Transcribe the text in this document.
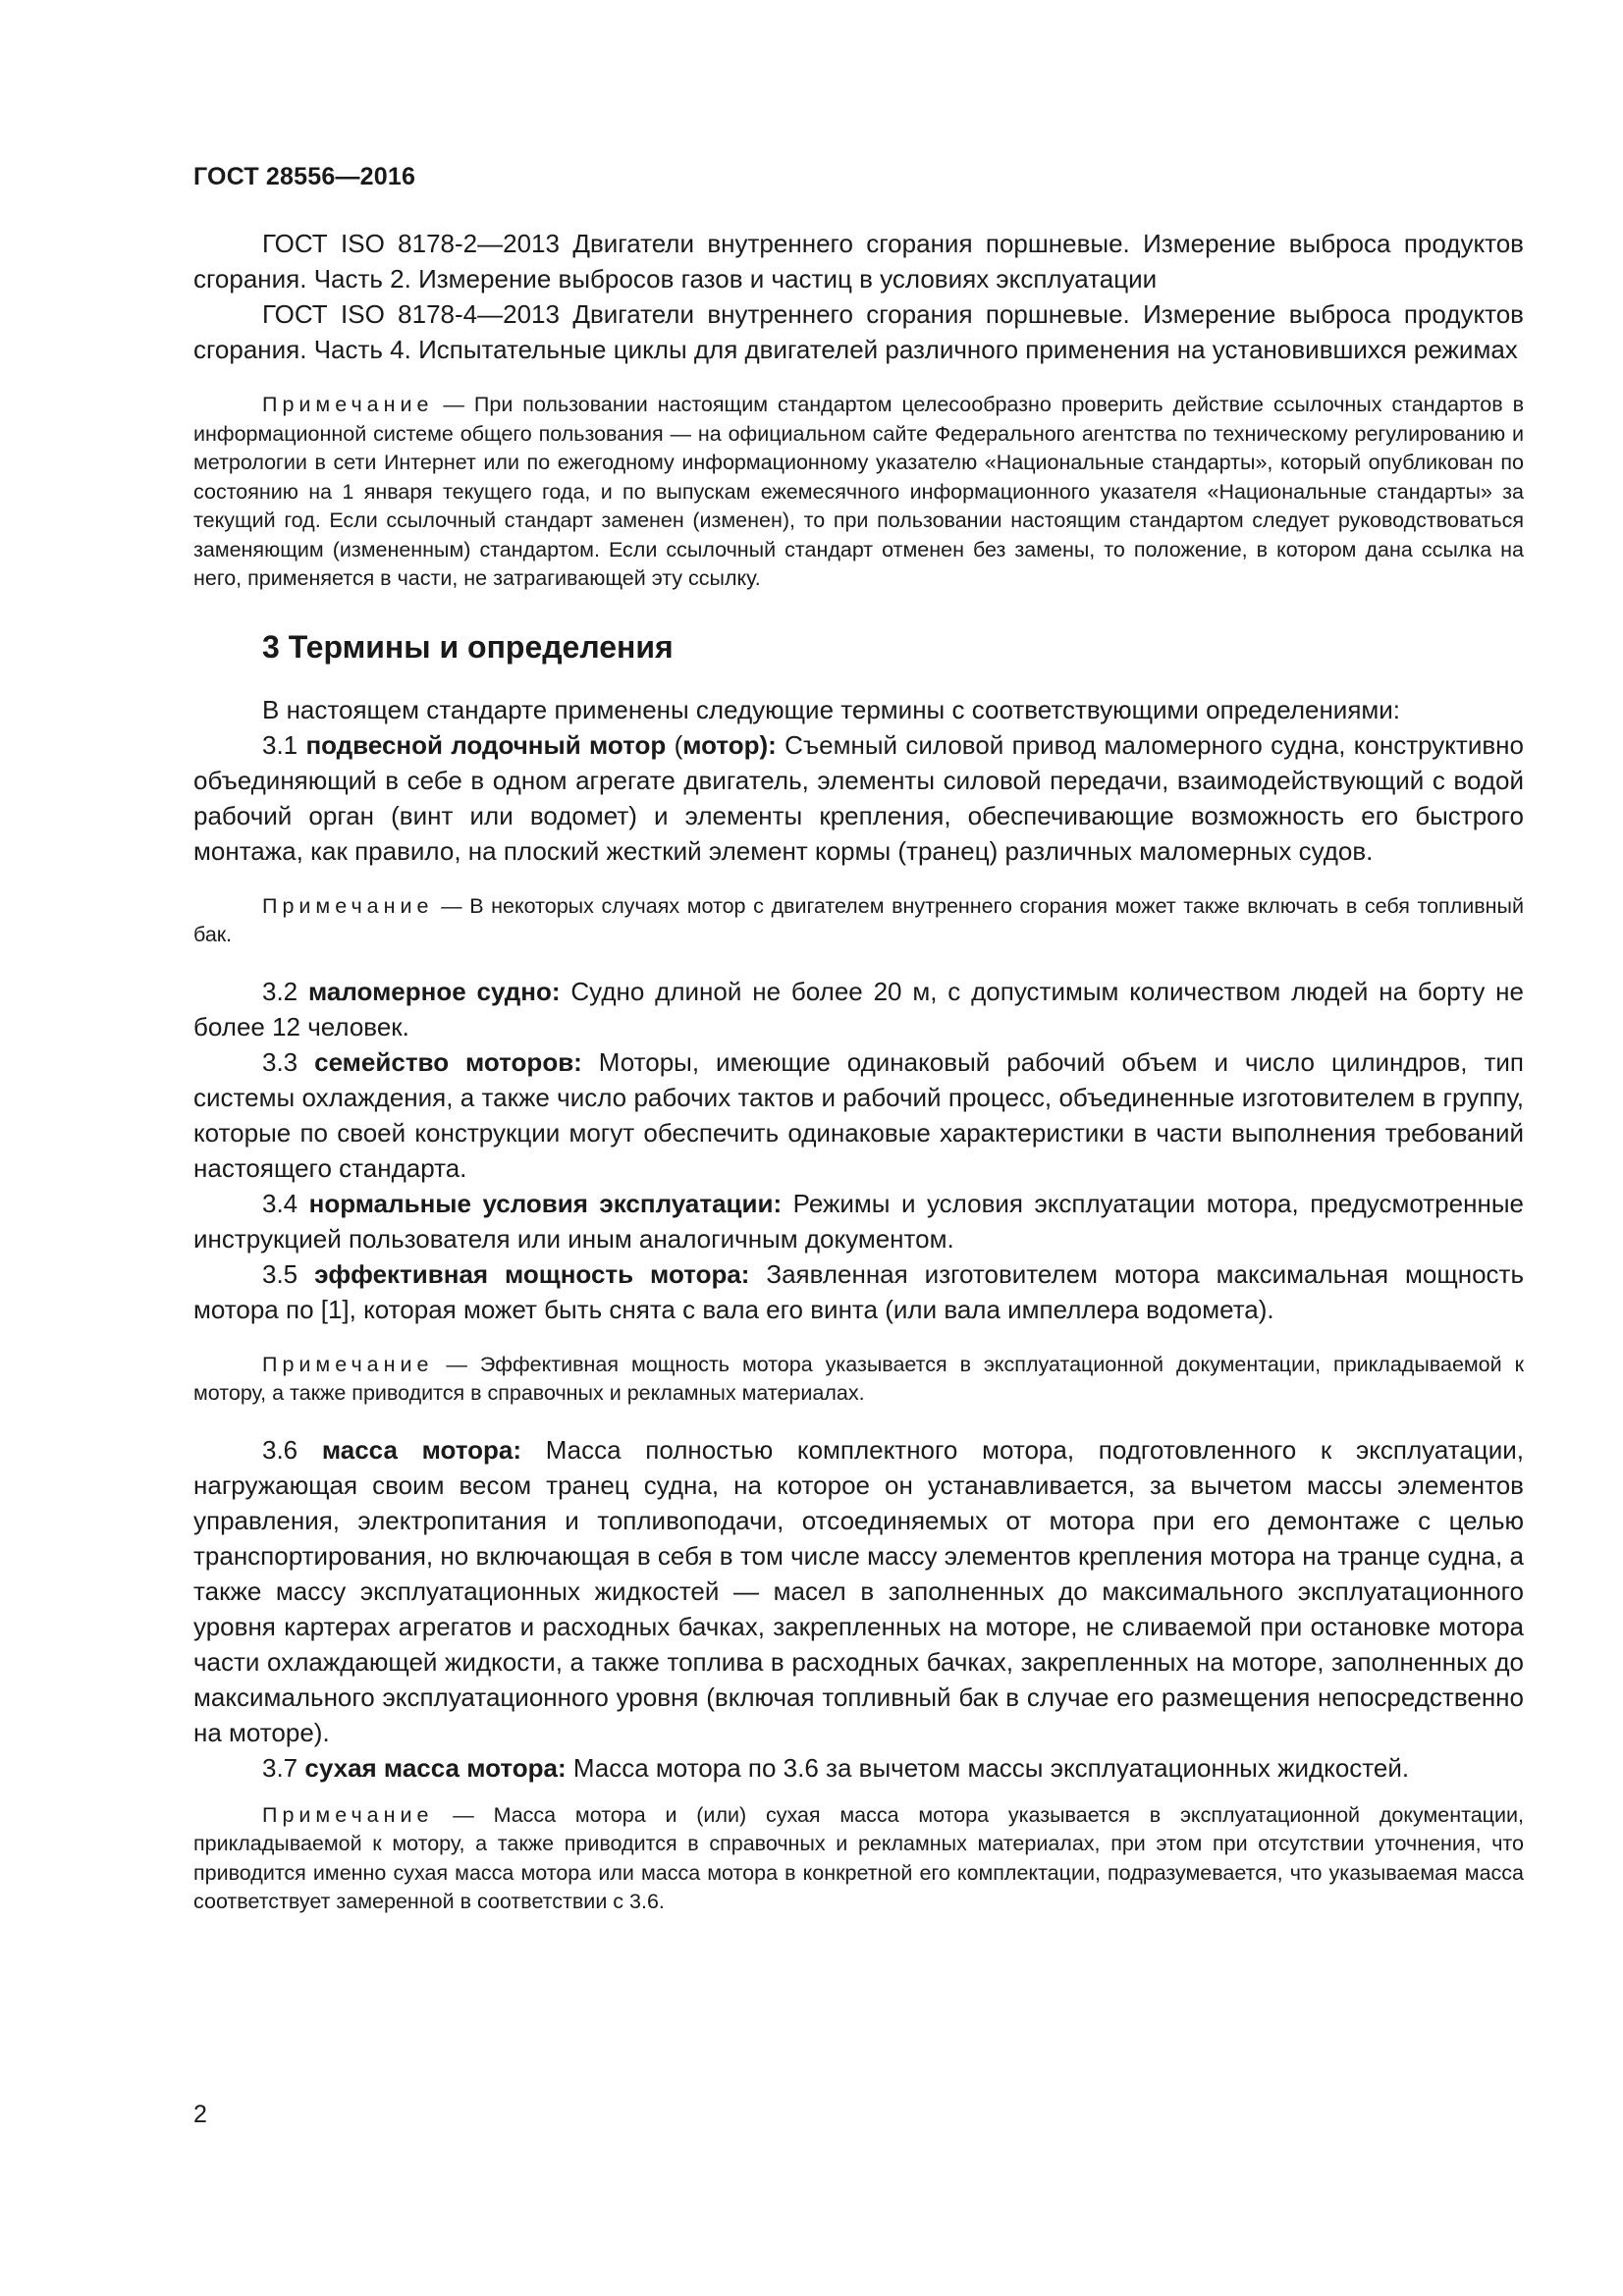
ГОСТ 28556—2016

ГОСТ ISO 8178-2—2013 Двигатели внутреннего сгорания поршневые. Измерение выброса продуктов сгорания. Часть 2. Измерение выбросов газов и частиц в условиях эксплуатации

ГОСТ ISO 8178-4—2013 Двигатели внутреннего сгорания поршневые. Измерение выброса продуктов сгорания. Часть 4. Испытательные циклы для двигателей различного применения на установившихся режимах

Примечание — При пользовании настоящим стандартом целесообразно проверить действие ссылочных стандартов в информационной системе общего пользования — на официальном сайте Федерального агентства по техническому регулированию и метрологии в сети Интернет или по ежегодному информационному указателю «Национальные стандарты», который опубликован по состоянию на 1 января текущего года, и по выпускам ежемесячного информационного указателя «Национальные стандарты» за текущий год. Если ссылочный стандарт заменен (изменен), то при пользовании настоящим стандартом следует руководствоваться заменяющим (измененным) стандартом. Если ссылочный стандарт отменен без замены, то положение, в котором дана ссылка на него, применяется в части, не затрагивающей эту ссылку.

3 Термины и определения

В настоящем стандарте применены следующие термины с соответствующими определениями:

3.1 подвесной лодочный мотор (мотор): Съемный силовой привод маломерного судна, конструктивно объединяющий в себе в одном агрегате двигатель, элементы силовой передачи, взаимодействующий с водой рабочий орган (винт или водомет) и элементы крепления, обеспечивающие возможность его быстрого монтажа, как правило, на плоский жесткий элемент кормы (транец) различных маломерных судов.

Примечание — В некоторых случаях мотор с двигателем внутреннего сгорания может также включать в себя топливный бак.

3.2 маломерное судно: Судно длиной не более 20 м, с допустимым количеством людей на борту не более 12 человек.

3.3 семейство моторов: Моторы, имеющие одинаковый рабочий объем и число цилиндров, тип системы охлаждения, а также число рабочих тактов и рабочий процесс, объединенные изготовителем в группу, которые по своей конструкции могут обеспечить одинаковые характеристики в части выполнения требований настоящего стандарта.

3.4 нормальные условия эксплуатации: Режимы и условия эксплуатации мотора, предусмотренные инструкцией пользователя или иным аналогичным документом.

3.5 эффективная мощность мотора: Заявленная изготовителем мотора максимальная мощность мотора по [1], которая может быть снята с вала его винта (или вала импеллера водомета).

Примечание — Эффективная мощность мотора указывается в эксплуатационной документации, прикладываемой к мотору, а также приводится в справочных и рекламных материалах.

3.6 масса мотора: Масса полностью комплектного мотора, подготовленного к эксплуатации, нагружающая своим весом транец судна, на которое он устанавливается, за вычетом массы элементов управления, электропитания и топливоподачи, отсоединяемых от мотора при его демонтаже с целью транспортирования, но включающая в себя в том числе массу элементов крепления мотора на транце судна, а также массу эксплуатационных жидкостей — масел в заполненных до максимального эксплуатационного уровня картерах агрегатов и расходных бачках, закрепленных на моторе, не сливаемой при остановке мотора части охлаждающей жидкости, а также топлива в расходных бачках, закрепленных на моторе, заполненных до максимального эксплуатационного уровня (включая топливный бак в случае его размещения непосредственно на моторе).

3.7 сухая масса мотора: Масса мотора по 3.6 за вычетом массы эксплуатационных жидкостей.

Примечание — Масса мотора и (или) сухая масса мотора указывается в эксплуатационной документации, прикладываемой к мотору, а также приводится в справочных и рекламных материалах, при этом при отсутствии уточнения, что приводится именно сухая масса мотора или масса мотора в конкретной его комплектации, подразумевается, что указываемая масса соответствует замеренной в соответствии с 3.6.

2
